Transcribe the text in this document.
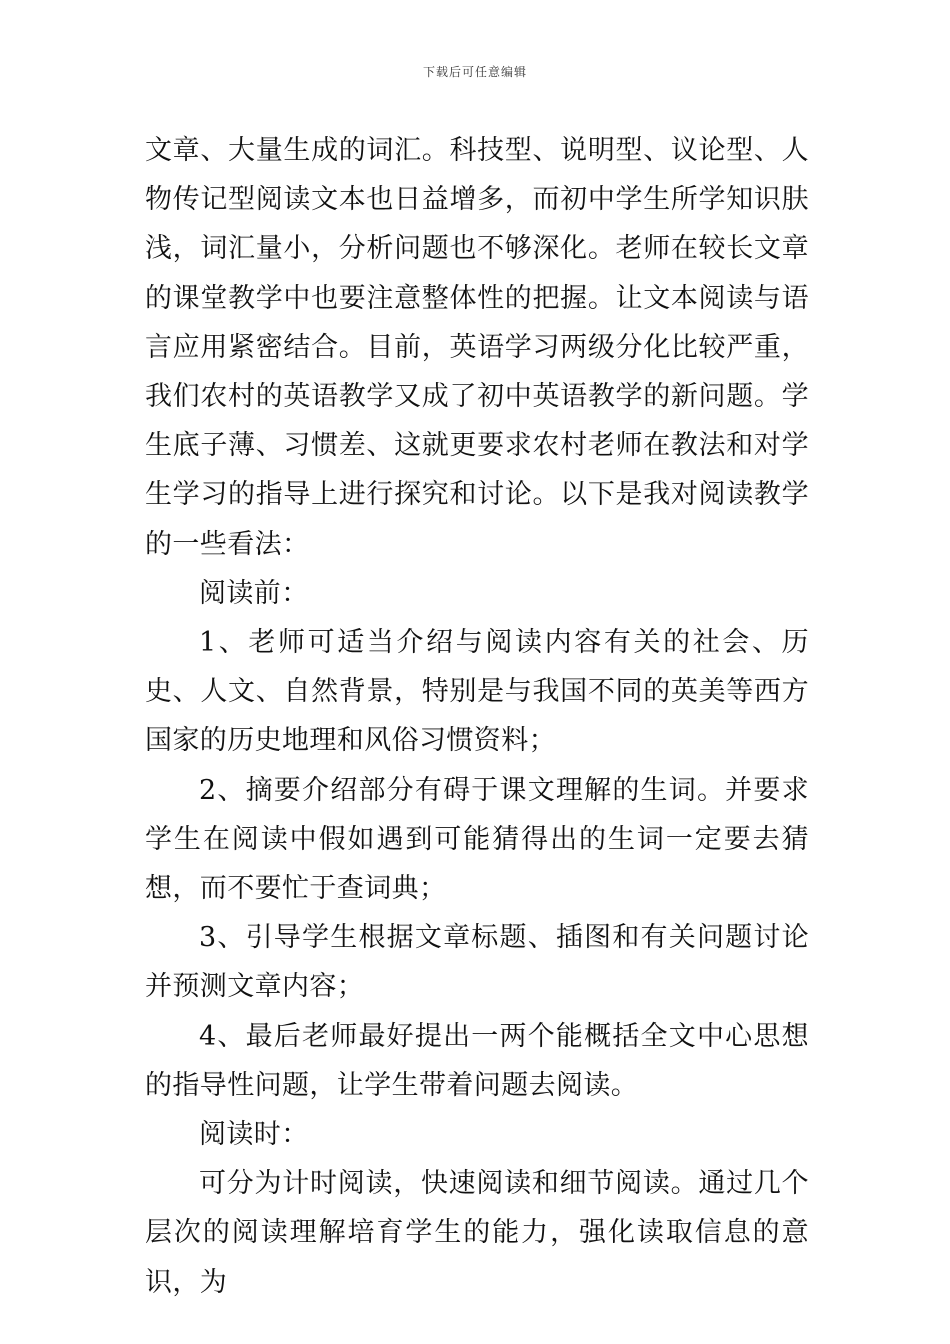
下载后可任意编辑

文章、大量生成的词汇。科技型、说明型、议论型、人物传记型阅读文本也日益增多，而初中学生所学知识肤浅，词汇量小，分析问题也不够深化。老师在较长文章的课堂教学中也要注意整体性的把握。让文本阅读与语言应用紧密结合。目前，英语学习两级分化比较严重，我们农村的英语教学又成了初中英语教学的新问题。学生底子薄、习惯差、这就更要求农村老师在教法和对学生学习的指导上进行探究和讨论。以下是我对阅读教学的一些看法：

阅读前：

1、老师可适当介绍与阅读内容有关的社会、历史、人文、自然背景，特别是与我国不同的英美等西方国家的历史地理和风俗习惯资料；

2、摘要介绍部分有碍于课文理解的生词。并要求学生在阅读中假如遇到可能猜得出的生词一定要去猜想，而不要忙于查词典；

3、引导学生根据文章标题、插图和有关问题讨论并预测文章内容；

4、最后老师最好提出一两个能概括全文中心思想的指导性问题，让学生带着问题去阅读。

阅读时：

可分为计时阅读，快速阅读和细节阅读。通过几个层次的阅读理解培育学生的能力，强化读取信息的意识，为
